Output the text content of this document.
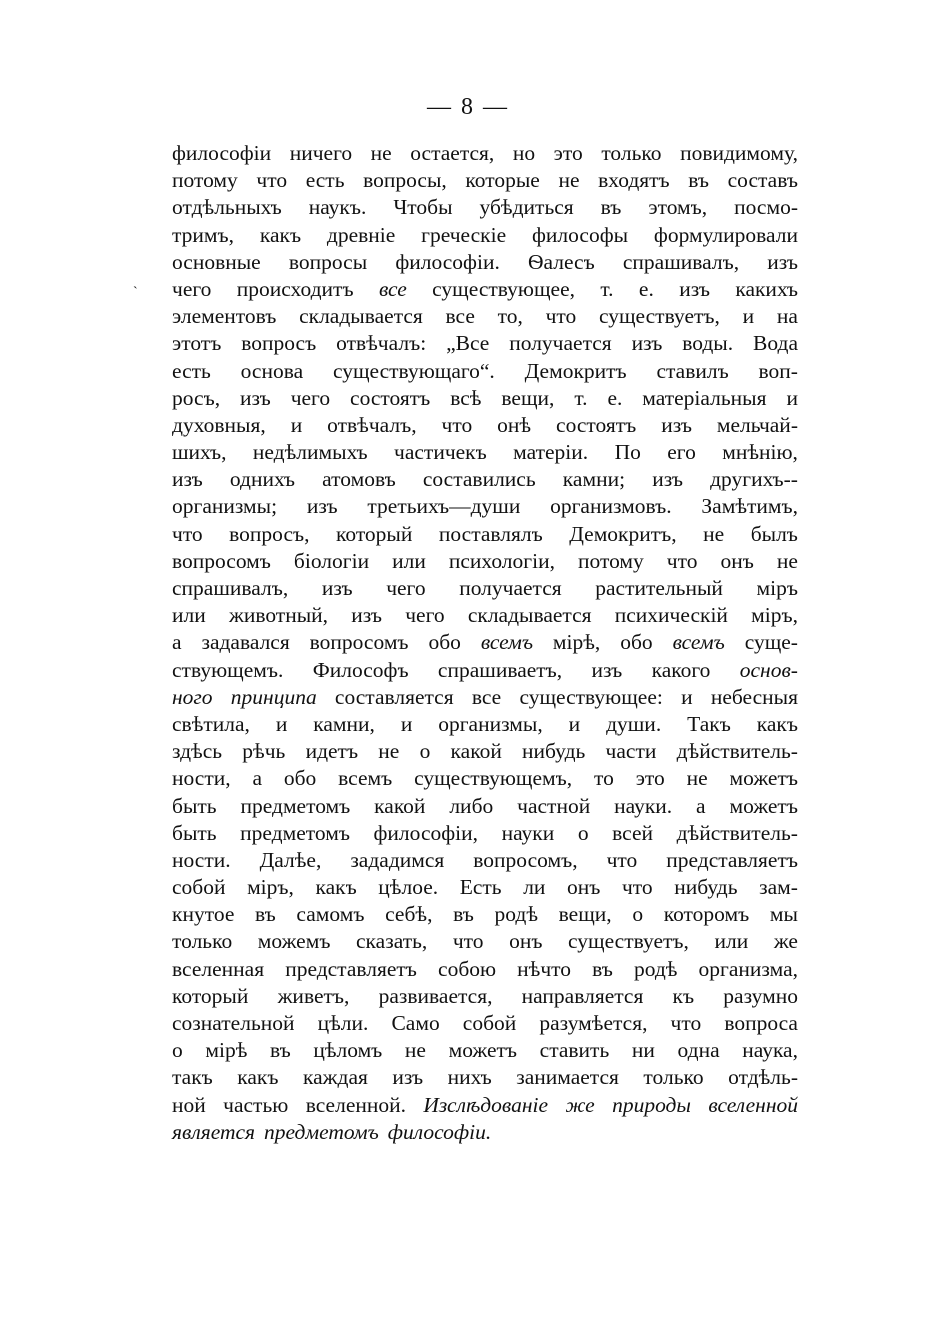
— 8 —
`
философіи ничего не остается, но это только повидимому,
потому что есть вопросы, которые не входятъ въ составъ
отдѣльныхъ наукъ. Чтобы убѣдиться въ этомъ, посмо-
тримъ, какъ древніе греческіе философы формулировали
основные вопросы философіи. Ѳалесъ спрашивалъ, изъ
чего происходитъ все существующее, т. е. изъ какихъ
элементовъ складывается все то, что существуетъ, и на
этотъ вопросъ отвѣчалъ: „Все получается изъ воды. Вода
есть основа существующаго“. Демокритъ ставилъ воп-
росъ, изъ чего состоятъ всѣ вещи, т. е. матеріальныя и
духовныя, и отвѣчалъ, что онѣ состоятъ изъ мельчай-
шихъ, недѣлимыхъ частичекъ матеріи. По его мнѣнію,
изъ однихъ атомовъ составились камни; изъ другихъ--
организмы; изъ третьихъ—души организмовъ. Замѣтимъ,
что вопросъ, который поставлялъ Демокритъ, не былъ
вопросомъ біологіи или психологіи, потому что онъ не
спрашивалъ, изъ чего получается растительный міръ
или животный, изъ чего складывается психическій міръ,
а задавался вопросомъ обо всемъ мірѣ, обо всемъ суще-
ствующемъ. Философъ спрашиваетъ, изъ какого основ-
ного принципа составляется все существующее: и небесныя
свѣтила, и камни, и организмы, и души. Такъ какъ
здѣсь рѣчь идетъ не о какой нибудь части дѣйствитель-
ности, а обо всемъ существующемъ, то это не можетъ
быть предметомъ какой либо частной науки. а можетъ
быть предметомъ философіи, науки о всей дѣйствитель-
ности. Далѣе, зададимся вопросомъ, что представляетъ
собой міръ, какъ цѣлое. Есть ли онъ что нибудь зам-
кнутое въ самомъ себѣ, въ родѣ вещи, о которомъ мы
только можемъ сказать, что онъ существуетъ, или же
вселенная представляетъ собою нѣчто въ родѣ организма,
который живетъ, развивается, направляется къ разумно
сознательной цѣли. Само собой разумѣется, что вопроса
о мірѣ въ цѣломъ не можетъ ставить ни одна наука,
такъ какъ каждая изъ нихъ занимается только отдѣль-
ной частью вселенной. Изслѣдованіе же природы вселенной
является предметомъ философіи.
